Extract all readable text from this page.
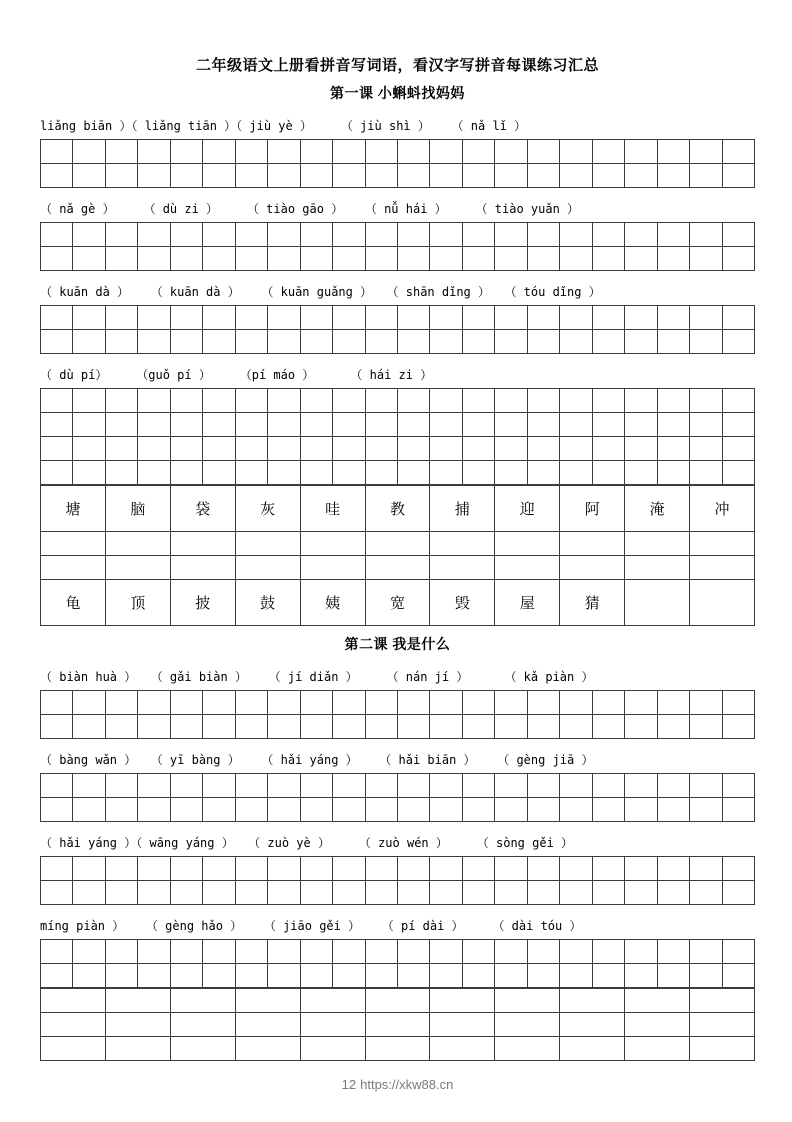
二年级语文上册看拼音写词语，看汉字写拼音每课练习汇总
第一课 小蝌蚪找妈妈
liǎng biān ）（ liǎng tiān ）（ jiù yè ）    （ jiù shì ）   （ nǎ lǐ ）

（ nǎ gè ）    （ dù zi ）    （ tiào gāo ）   （ nǚ hái ）    （ tiào yuǎn ）

（ kuān dà ）   （ kuān dà ）   （ kuān guǎng ）  （ shān dǐng ）  （ tóu dǐng ）

（ dù pí）    （guǒ pí ）    （pí máo ）     （ hái zi ）

塘	脑	袋	灰	哇	教	捕	迎	阿	淹	冲

龟	顶	披	鼓	姨	宽	毁	屋	猜		
第二课 我是什么
（ biàn huà ）  （ gǎi biàn ）   （ jí diǎn ）    （ nán jí ）     （ kǎ piàn ）

（ bàng wǎn ）  （ yī bàng ）   （ hǎi yáng ）   （ hǎi biān ）   （ gèng jiā ）

（ hǎi yáng ）（ wāng yáng ）  （ zuò yè ）    （ zuò wén ）    （ sòng gěi ）

míng piàn ）   （ gèng hǎo ）   （ jiāo gěi ）   （ pí dài ）    （ dài tóu ）

12 https://xkw88.cn
